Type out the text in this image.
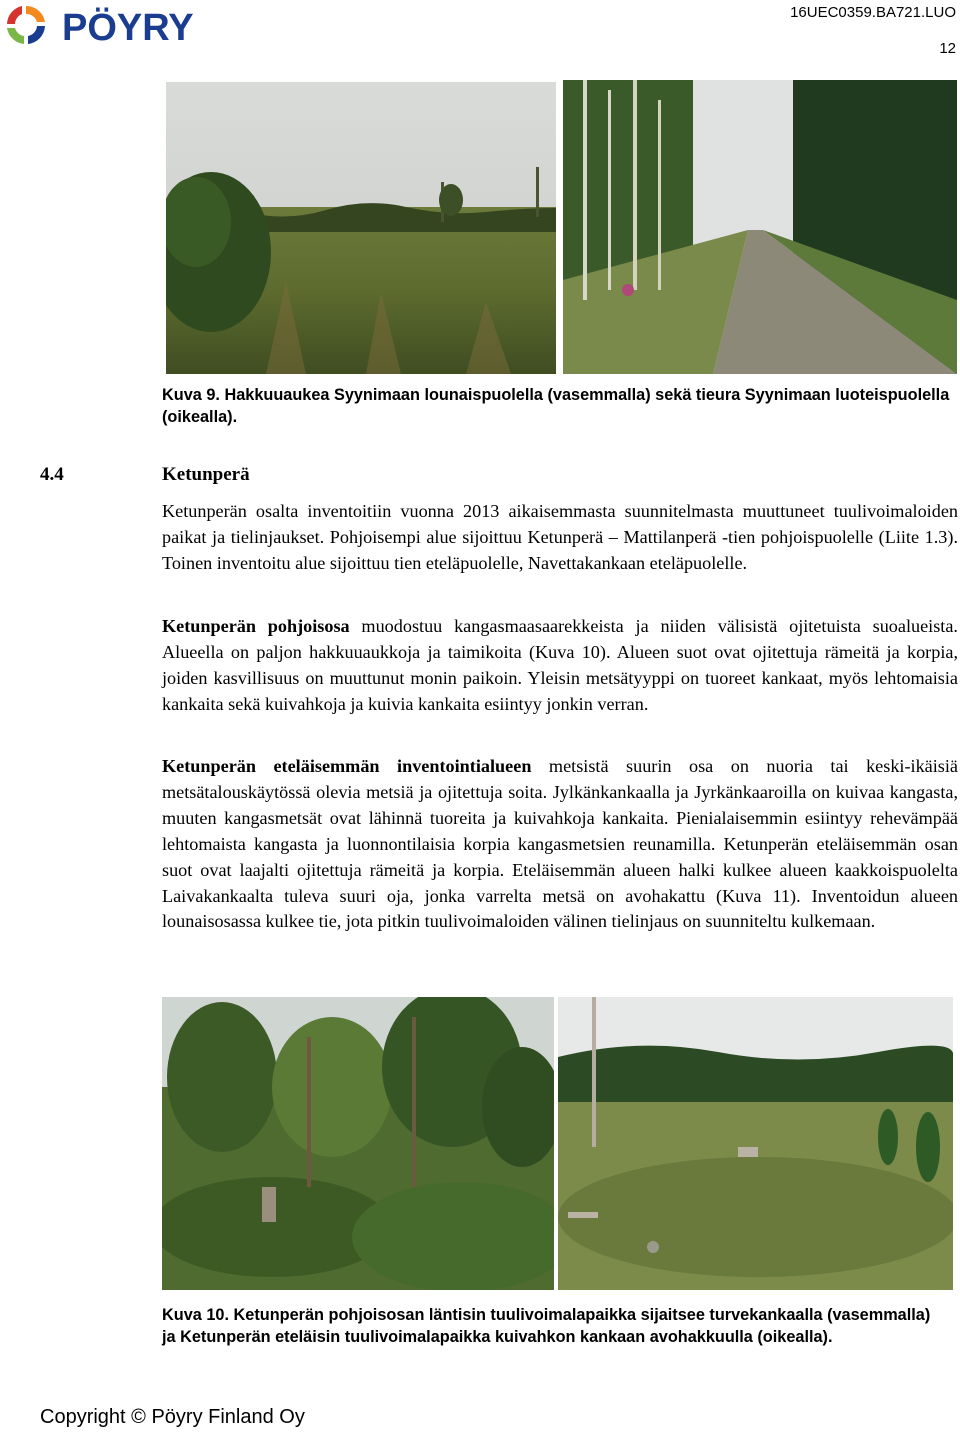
PÖYRY	16UEC0359.BA721.LUO
12
Kuva 9. Hakkuuaukea Syynimaan lounaispuolella (vasemmalla) sekä tieura Syynimaan luoteispuolella (oikealla).
4.4	Ketunperä
Ketunperän osalta inventoitiin vuonna 2013 aikaisemmasta suunnitelmasta muuttuneet tuulivoimaloiden paikat ja tielinjaukset. Pohjoisempi alue sijoittuu Ketunperä – Mattilanperä -tien pohjoispuolelle (Liite 1.3). Toinen inventoitu alue sijoittuu tien eteläpuolelle, Navettakankaan eteläpuolelle.
Ketunperän pohjoisosa muodostuu kangasmaasaarekkeista ja niiden välisistä ojitetuista suoalueista. Alueella on paljon hakkuuaukkoja ja taimikoita (Kuva 10). Alueen suot ovat ojitettuja rämeitä ja korpia, joiden kasvillisuus on muuttunut monin paikoin. Yleisin metsätyyppi on tuoreet kankaat, myös lehtomaisia kankaita sekä kuivahkoja ja kuivia kankaita esiintyy jonkin verran.
Ketunperän eteläisemmän inventointialueen metsistä suurin osa on nuoria tai keski-ikäisiä metsätalouskäytössä olevia metsiä ja ojitettuja soita. Jylkänkankaalla ja Jyrkänkaaroilla on kuivaa kangasta, muuten kangasmetsät ovat lähinnä tuoreita ja kuivahkoja kankaita. Pienialaisemmin esiintyy rehevämpää lehtomaista kangasta ja luonnontilaisia korpia kangasmetsien reunamilla. Ketunperän eteläisemmän osan suot ovat laajalti ojitettuja rämeitä ja korpia. Eteläisemmän alueen halki kulkee alueen kaakkoispuolelta Laivakankaalta tuleva suuri oja, jonka varrelta metsä on avohakattu (Kuva 11). Inventoidun alueen lounaisosassa kulkee tie, jota pitkin tuulivoimaloiden välinen tielinjaus on suunniteltu kulkemaan.
Kuva 10. Ketunperän pohjoisosan läntisin tuulivoimalapaikka sijaitsee turvekankaalla (vasemmalla) ja Ketunperän eteläisin tuulivoimalapaikka kuivahkon kankaan avohakkuulla (oikealla).
Copyright © Pöyry Finland Oy
